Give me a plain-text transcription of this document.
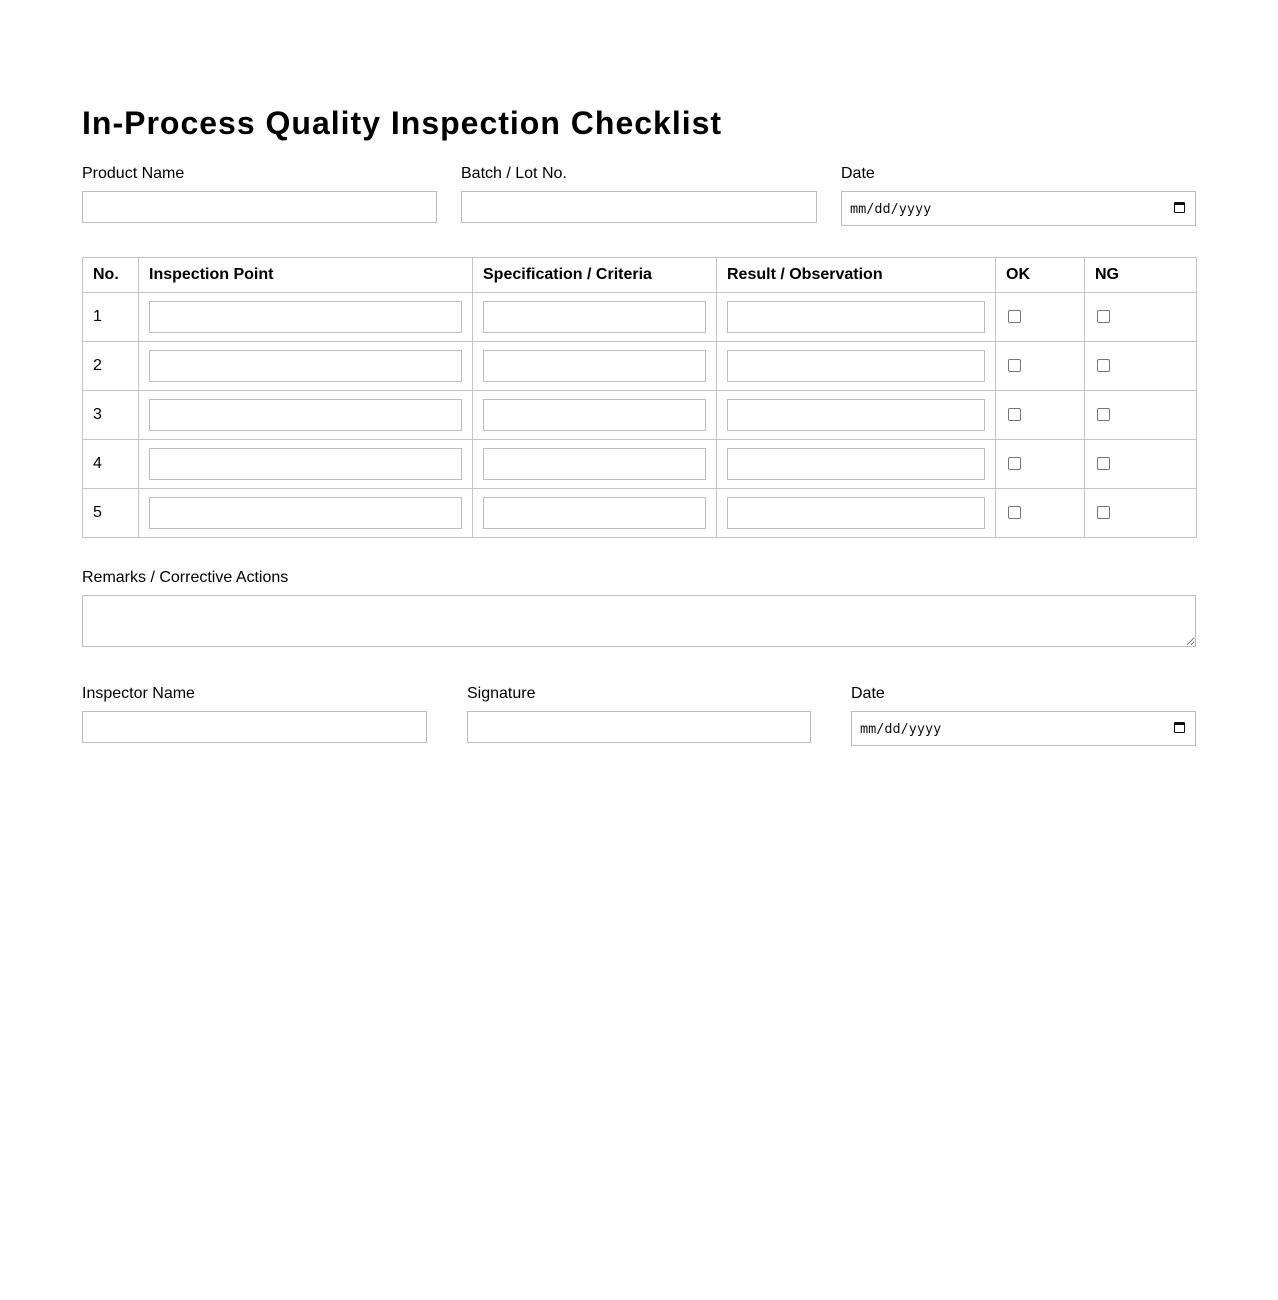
In-Process Quality Inspection Checklist
Product Name	Batch / Lot No.	Date
mm/dd/yyyy
No.	Inspection Point	Specification / Criteria	Result / Observation	OK	NG
1	

2	

3	

4	

5	

Remarks / Corrective Actions
Inspector Name	Signature	Date
mm/dd/yyyy
